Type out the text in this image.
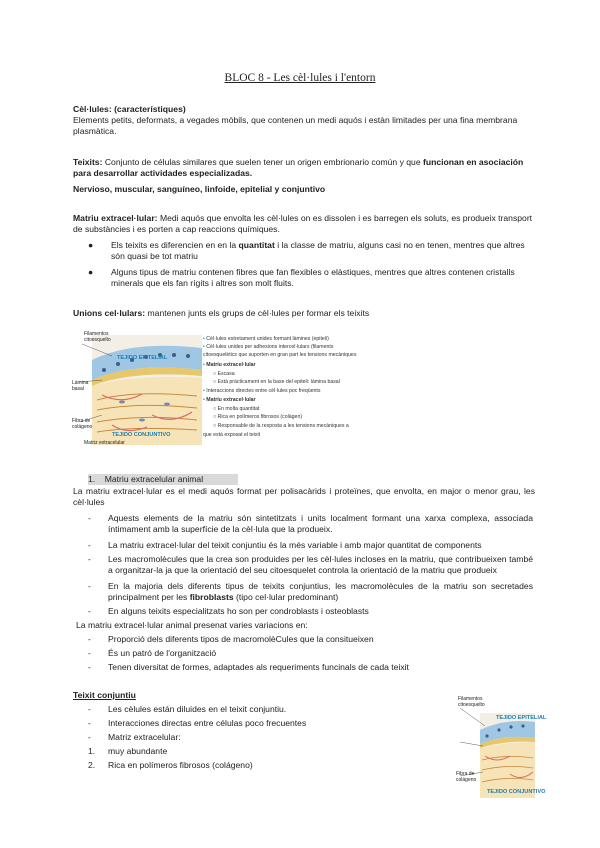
BLOC 8 - Les cèl·lules i l'entorn
Cèl·lules: (característiques)
Elements petits, deformats, a vegades mòbils, que contenen un medi aquós i estàn limitades per una fina membrana plasmàtica.
Teixits: Conjunto de células similares que suelen tener un origen embrionario común y que funcionan en asociación para desarrollar actividades especializadas.
Nervioso, muscular, sanguíneo, linfoide, epitelial y conjuntivo
Matriu extracel·lular: Medi aquós que envolta les cèl·lules on es dissolen i es barregen els soluts, es produeix transport de substàncies i es porten a cap reaccions químiques.
● Els teixits es diferencien en en la quantitat i la classe de matriu, alguns casi no en tenen, mentres que altres són quasi be tot matriu
● Alguns tipus de matriu contenen fibres que fan flexibles o elàstiques, mentres que altres contenen cristalls minerals que els fan rígits i altres son molt fluits.
Unions cel·lulars: mantenen junts els grups de cèl·lules per formar els teixits
Filamentos citoesquelto
TEJIDO EPITELIAL
Lámina basal
Fibra de colágeno
TEJIDO CONJUNTIVO
Matriz extracelular
• Cèl·lules estretament unides formant làmines (epiteli)
• Cèl·lules unides per adhesions intercel·lulars (filaments
citoesquelètics que suporten en gran part les tensions mecàniques
• Matriu extracel·lular
○ Escasa
○ Està pràcticament en la base del epiteli: lámina basal
• Interaccions directes entre cèl·lules poc freqüents
• Matriu extracel·lular
○ En molta quantitat
○ Rica en polímeros fibrosos (colàgen)
○ Responsable de la resposta a les tensions mecàniques a
que està exposat el teixit
1. Matriu extracelular animal
La matriu extracel·lular es el medi aquós format per polisacàrids i proteïnes, que envolta, en major o menor grau, les cèl·lules
- Aquests elements de la matriu són sintetitzats i units localment formant una xarxa complexa, associada íntimament amb la superfície de la cèl·lula que la produeix.
- La matriu extracel·lular del teixit conjuntiu és la més variable i amb major quantitat de components
- Les macromolècules que la crea son produides per les cèl·lules incloses en la matriu, que contribueixen també a organitzar-la ja que la orientació del seu citoesquelet controla la orientació de la matriu que produeix
- En la majoria dels diferents tipus de teixits conjuntius, les macromolècules de la matriu son secretades principalment per les fibroblasts (tipo cel·lular predominant)
- En alguns teixits especialitzats ho son per condroblasts i osteoblasts
La matriu extracel·lular animal presenat varies variacions en:
- Proporció dels diferents tipos de macromolèCules que la consitueixen
- És un patró de l'organització
- Tenen diversitat de formes, adaptades als requeriments funcinals de cada teixit
Teixit conjuntiu
- Les cèlules están diluides en el teixit conjuntiu.
- Interacciones directas entre células poco frecuentes
- Matriz extracelular:
1. muy abundante
2. Rica en polímeros fibrosos (colágeno)
Filamentos citoesquelto
TEJIDO EPITELIAL
Fibra de colágeno
TEJIDO CONJUNTIVO
